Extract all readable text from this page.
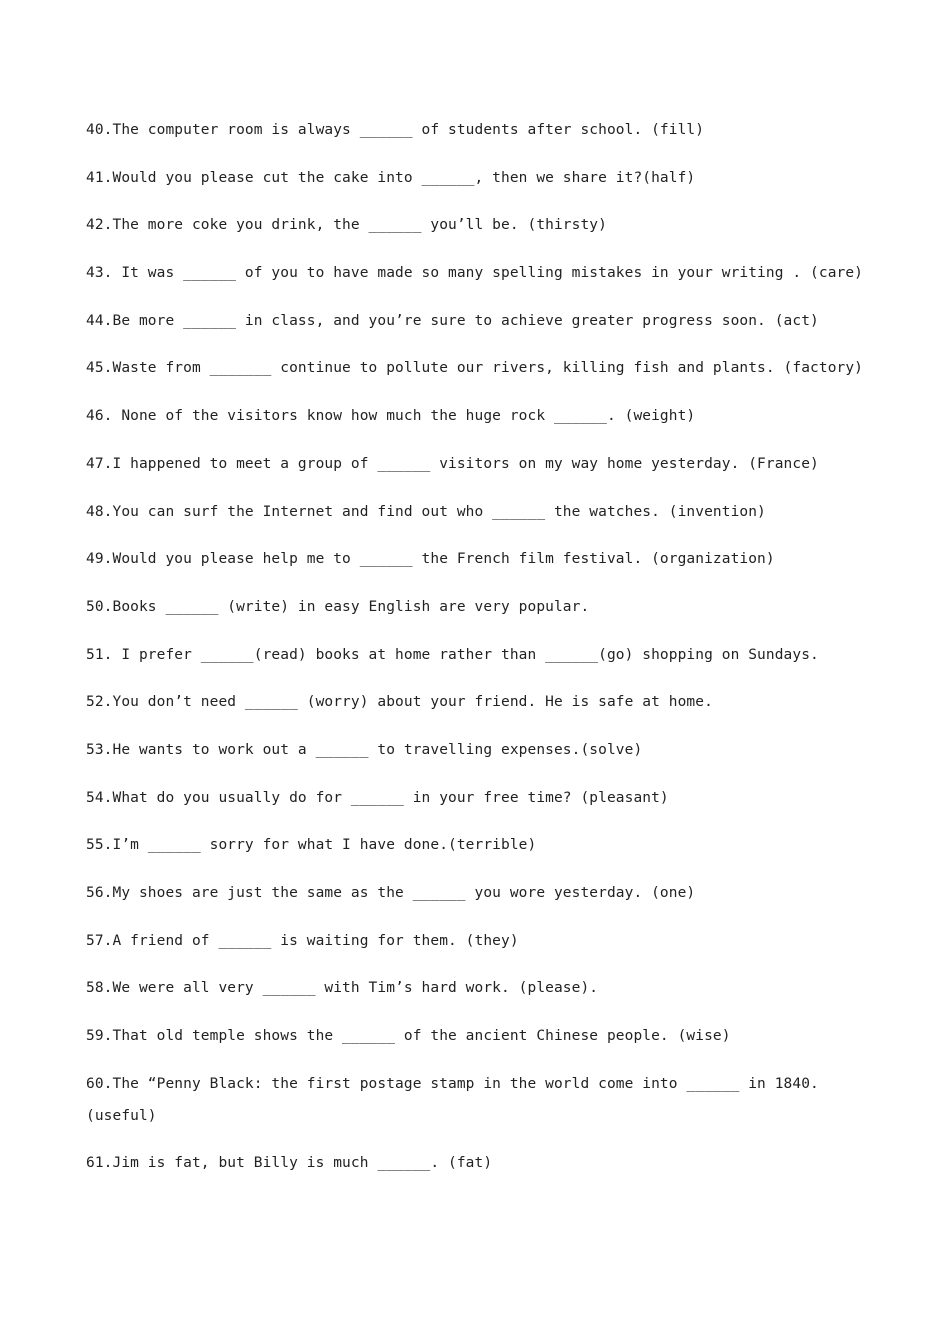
40.The computer room is always ______ of students after school. (fill)
41.Would you please cut the cake into ______, then we share it?(half)
42.The more coke you drink, the ______ you’ll be. (thirsty)
43. It was ______ of you to have made so many spelling mistakes in your writing . (care)
44.Be more ______ in class, and you’re sure to achieve greater progress soon. (act)
45.Waste from _______ continue to pollute our rivers, killing fish and plants. (factory)
46. None of the visitors know how much the huge rock ______. (weight)
47.I happened to meet a group of ______ visitors on my way home yesterday. (France)
48.You can surf the Internet and find out who ______ the watches. (invention)
49.Would you please help me to ______ the French film festival. (organization)
50.Books ______ (write) in easy English are very popular.
51. I prefer ______(read) books at home rather than ______(go) shopping on Sundays.
52.You don’t need ______ (worry) about your friend. He is safe at home.
53.He wants to work out a ______ to travelling expenses.(solve)
54.What do you usually do for ______ in your free time? (pleasant)
55.I’m ______ sorry for what I have done.(terrible)
56.My shoes are just the same as the ______ you wore yesterday. (one)
57.A friend of ______ is waiting for them. (they)
58.We were all very ______ with Tim’s hard work. (please).
59.That old temple shows the ______ of the ancient Chinese people. (wise)
60.The “Penny Black: the first postage stamp in the world come into ______ in 1840. (useful)
61.Jim is fat, but Billy is much ______. (fat)
